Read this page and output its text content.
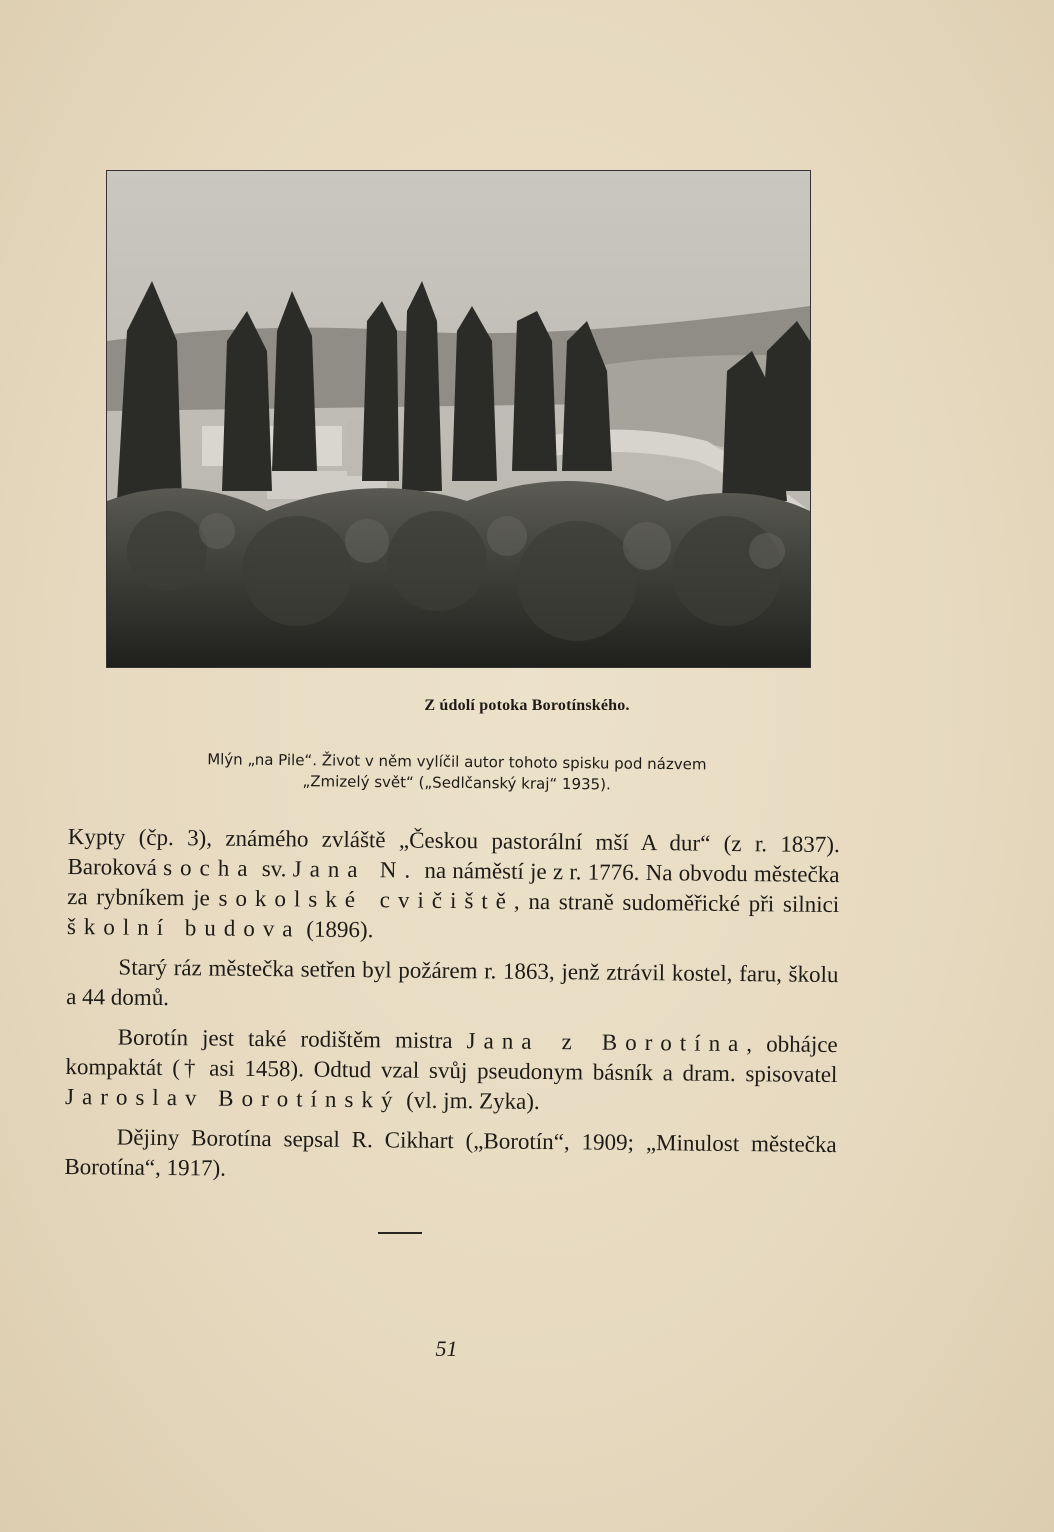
Z údolí potoka Borotínského.
Mlýn „na Pile“. Život v něm vylíčil autor tohoto spisku pod názvem
„Zmizelý svět“ („Sedlčanský kraj“ 1935).

Kypty (čp. 3), známého zvláště „Českou pastorální mší A dur“ (z r. 1837). Baroková socha sv. Jana N. na náměstí je z r. 1776. Na obvodu městečka za rybníkem je sokolské cvičiště, na straně sudoměřické při silnici školní budova (1896).

Starý ráz městečka setřen byl požárem r. 1863, jenž ztrávil kostel, faru, školu a 44 domů.

Borotín jest také rodištěm mistra Jana z Borotína, obhájce kompaktát († asi 1458). Odtud vzal svůj pseudonym básník a dram. spisovatel Jaroslav Borotínský (vl. jm. Zyka).

Dějiny Borotína sepsal R. Cikhart („Borotín“, 1909; „Minulost městečka Borotína“, 1917).

51
